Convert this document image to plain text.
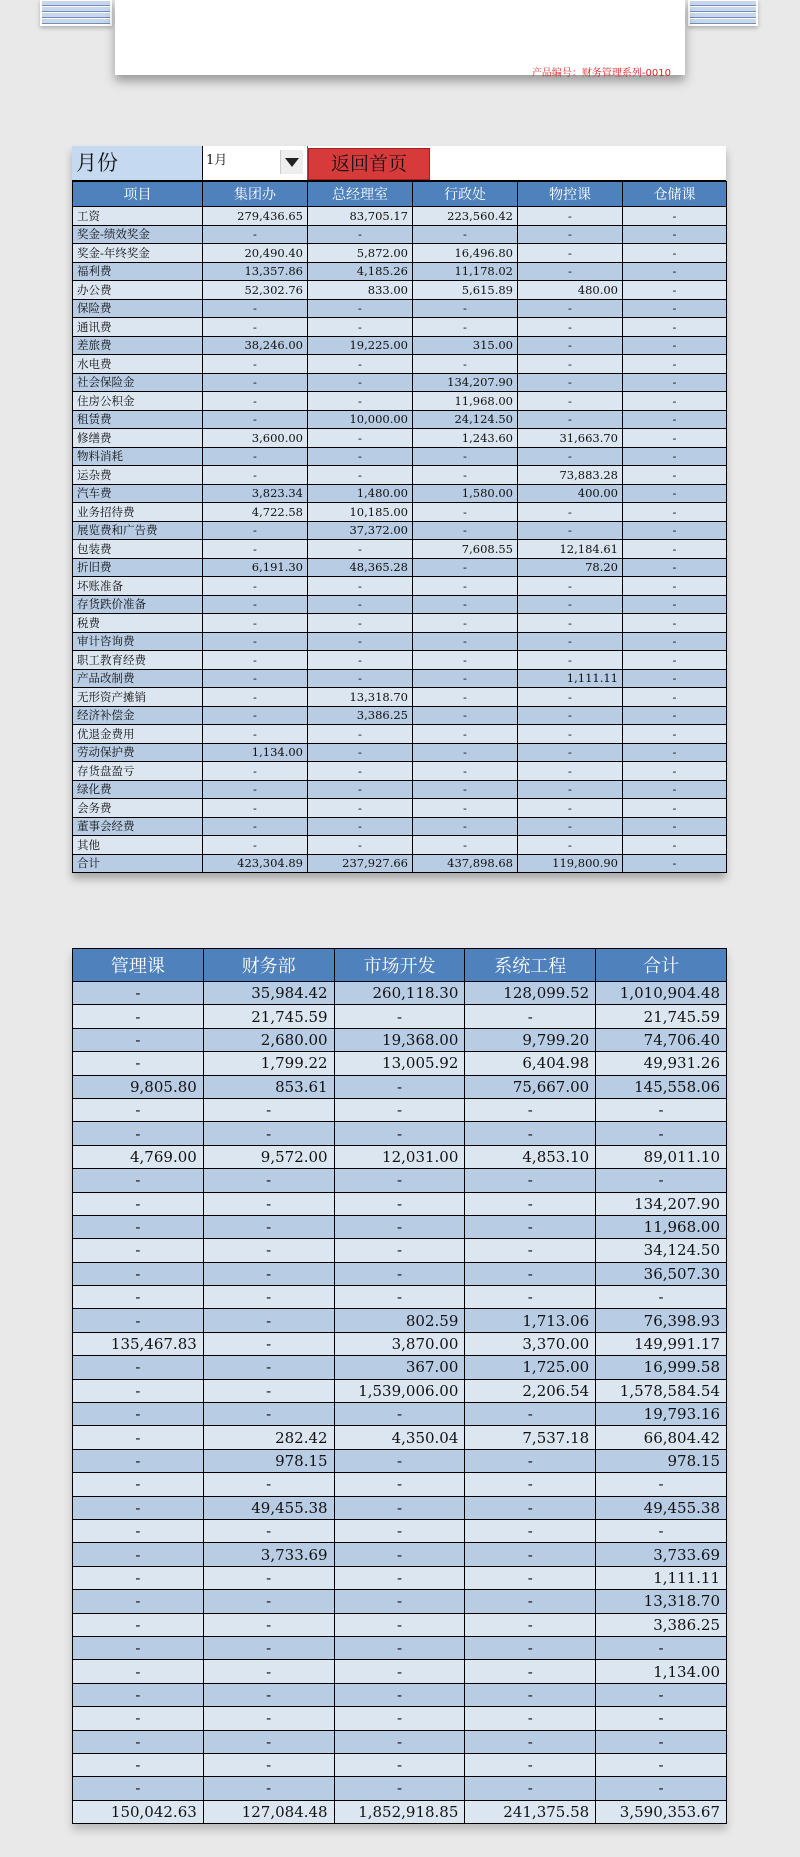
产品编号：财务管理系列-0010
月份	1月	返回首页
项目	集团办	总经理室	行政处	物控课	仓储课
工资	279,436.65	83,705.17	223,560.42	-	-
奖金-绩效奖金	-	-	-	-	-
奖金-年终奖金	20,490.40	5,872.00	16,496.80	-	-
福利费	13,357.86	4,185.26	11,178.02	-	-
办公费	52,302.76	833.00	5,615.89	480.00	-
保险费	-	-	-	-	-
通讯费	-	-	-	-	-
差旅费	38,246.00	19,225.00	315.00	-	-
水电费	-	-	-	-	-
社会保险金	-	-	134,207.90	-	-
住房公积金	-	-	11,968.00	-	-
租赁费	-	10,000.00	24,124.50	-	-
修缮费	3,600.00	-	1,243.60	31,663.70	-
物料消耗	-	-	-	-	-
运杂费	-	-	-	73,883.28	-
汽车费	3,823.34	1,480.00	1,580.00	400.00	-
业务招待费	4,722.58	10,185.00	-	-	-
展览费和广告费	-	37,372.00	-	-	-
包装费	-	-	7,608.55	12,184.61	-
折旧费	6,191.30	48,365.28	-	78.20	-
坏账准备	-	-	-	-	-
存货跌价准备	-	-	-	-	-
税费	-	-	-	-	-
审计咨询费	-	-	-	-	-
职工教育经费	-	-	-	-	-
产品改制费	-	-	-	1,111.11	-
无形资产摊销	-	13,318.70	-	-	-
经济补偿金	-	3,386.25	-	-	-
优退金费用	-	-	-	-	-
劳动保护费	1,134.00	-	-	-	-
存货盘盈亏	-	-	-	-	-
绿化费	-	-	-	-	-
会务费	-	-	-	-	-
董事会经费	-	-	-	-	-
其他	-	-	-	-	-
合计	423,304.89	237,927.66	437,898.68	119,800.90	-
管理课	财务部	市场开发	系统工程	合计
-	35,984.42	260,118.30	128,099.52	1,010,904.48
-	21,745.59	-	-	21,745.59
-	2,680.00	19,368.00	9,799.20	74,706.40
-	1,799.22	13,005.92	6,404.98	49,931.26
9,805.80	853.61	-	75,667.00	145,558.06
-	-	-	-	-
-	-	-	-	-
4,769.00	9,572.00	12,031.00	4,853.10	89,011.10
-	-	-	-	-
-	-	-	-	134,207.90
-	-	-	-	11,968.00
-	-	-	-	34,124.50
-	-	-	-	36,507.30
-	-	-	-	-
-	-	802.59	1,713.06	76,398.93
135,467.83	-	3,870.00	3,370.00	149,991.17
-	-	367.00	1,725.00	16,999.58
-	-	1,539,006.00	2,206.54	1,578,584.54
-	-	-	-	19,793.16
-	282.42	4,350.04	7,537.18	66,804.42
-	978.15	-	-	978.15
-	-	-	-	-
-	49,455.38	-	-	49,455.38
-	-	-	-	-
-	3,733.69	-	-	3,733.69
-	-	-	-	1,111.11
-	-	-	-	13,318.70
-	-	-	-	3,386.25
-	-	-	-	-
-	-	-	-	1,134.00
-	-	-	-	-
-	-	-	-	-
-	-	-	-	-
-	-	-	-	-
-	-	-	-	-
150,042.63	127,084.48	1,852,918.85	241,375.58	3,590,353.67
